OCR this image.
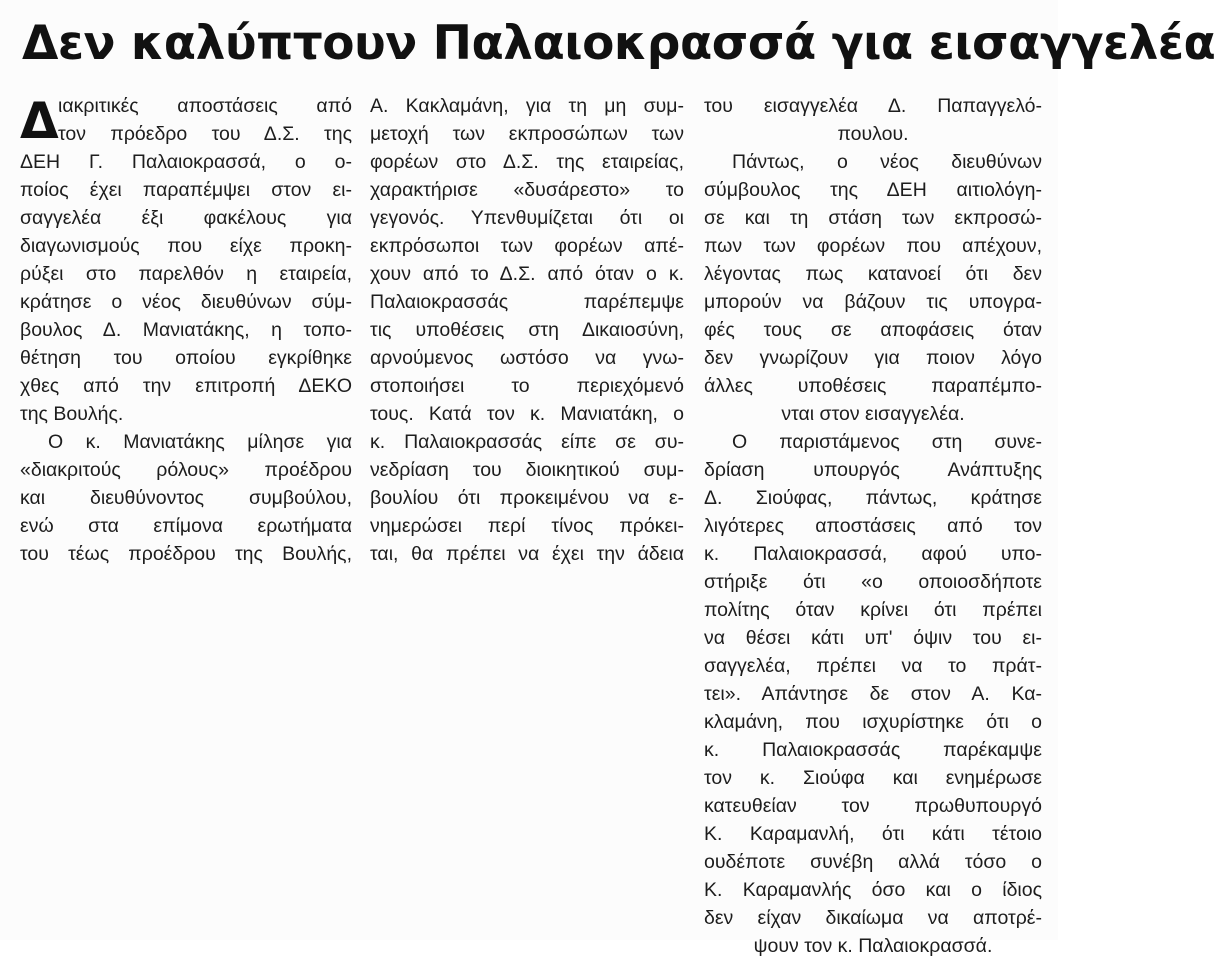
Δεν καλύπτουν Παλαιοκρασσά για εισαγγελέα
Δ ιακριτικές αποστάσεις από
τον πρόεδρο του Δ.Σ. της
ΔΕΗ Γ. Παλαιοκρασσά, ο ο-
ποίος έχει παραπέμψει στον ει-
σαγγελέα έξι φακέλους για
διαγωνισμούς που είχε προκη-
ρύξει στο παρελθόν η εταιρεία,
κράτησε ο νέος διευθύνων σύμ-
βουλος Δ. Μανιατάκης, η τοπο-
θέτηση του οποίου εγκρίθηκε
χθες από την επιτροπή ΔΕΚΟ
της Βουλής.
Ο κ. Μανιατάκης μίλησε για
«διακριτούς ρόλους» προέδρου
και διευθύνοντος συμβούλου,
ενώ στα επίμονα ερωτήματα
του τέως προέδρου της Βουλής,
Α. Κακλαμάνη, για τη μη συμ-
μετοχή των εκπροσώπων των
φορέων στο Δ.Σ. της εταιρείας,
χαρακτήρισε «δυσάρεστο» το
γεγονός. Υπενθυμίζεται ότι οι
εκπρόσωποι των φορέων απέ-
χουν από το Δ.Σ. από όταν ο κ.
Παλαιοκρασσάς παρέπεμψε
τις υποθέσεις στη Δικαιοσύνη,
αρνούμενος ωστόσο να γνω-
στοποιήσει το περιεχόμενό
τους. Κατά τον κ. Μανιατάκη, ο
κ. Παλαιοκρασσάς είπε σε συ-
νεδρίαση του διοικητικού συμ-
βουλίου ότι προκειμένου να ε-
νημερώσει περί τίνος πρόκει-
ται, θα πρέπει να έχει την άδεια
του εισαγγελέα Δ. Παπαγγελό-
πουλου.
Πάντως, ο νέος διευθύνων
σύμβουλος της ΔΕΗ αιτιολόγη-
σε και τη στάση των εκπροσώ-
πων των φορέων που απέχουν,
λέγοντας πως κατανοεί ότι δεν
μπορούν να βάζουν τις υπογρα-
φές τους σε αποφάσεις όταν
δεν γνωρίζουν για ποιον λόγο
άλλες υποθέσεις παραπέμπο-
νται στον εισαγγελέα.
Ο παριστάμενος στη συνε-
δρίαση υπουργός Ανάπτυξης
Δ. Σιούφας, πάντως, κράτησε
λιγότερες αποστάσεις από τον
κ. Παλαιοκρασσά, αφού υπο-
στήριξε ότι «ο οποιοσδήποτε
πολίτης όταν κρίνει ότι πρέπει
να θέσει κάτι υπ' όψιν του ει-
σαγγελέα, πρέπει να το πράτ-
τει». Απάντησε δε στον Α. Κα-
κλαμάνη, που ισχυρίστηκε ότι ο
κ. Παλαιοκρασσάς παρέκαμψε
τον κ. Σιούφα και ενημέρωσε
κατευθείαν τον πρωθυπουργό
Κ. Καραμανλή, ότι κάτι τέτοιο
ουδέποτε συνέβη αλλά τόσο ο
Κ. Καραμανλής όσο και ο ίδιος
δεν είχαν δικαίωμα να αποτρέ-
ψουν τον κ. Παλαιοκρασσά.
